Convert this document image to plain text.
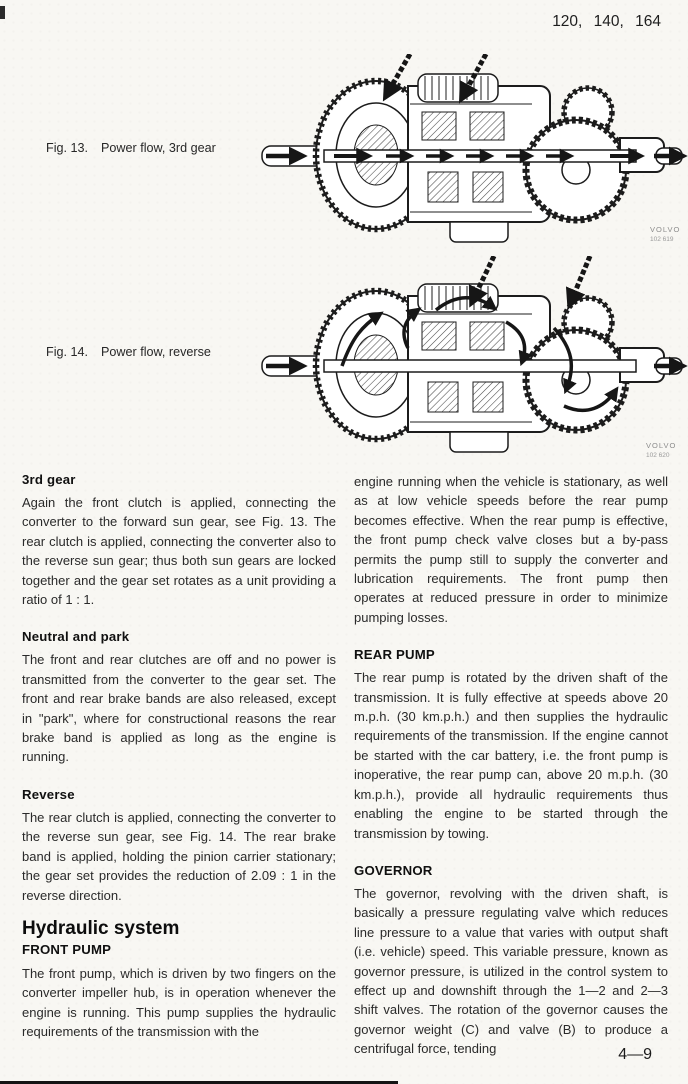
120, 140, 164
Fig. 13. Power flow, 3rd gear
VOLVO
102 619
Fig. 14. Power flow, reverse
VOLVO
102 620
3rd gear

Again the front clutch is applied, connecting the converter to the forward sun gear, see Fig. 13. The rear clutch is applied, connecting the converter also to the reverse sun gear; thus both sun gears are locked together and the gear set rotates as a unit providing a ratio of 1 : 1.

Neutral and park

The front and rear clutches are off and no power is transmitted from the converter to the gear set. The front and rear brake bands are also released, except in "park", where for constructional reasons the rear brake band is applied as long as the engine is running.

Reverse

The rear clutch is applied, connecting the converter to the reverse sun gear, see Fig. 14. The rear brake band is applied, holding the pinion carrier stationary; the gear set provides the reduction of 2.09 : 1 in the reverse direction.

Hydraulic system
FRONT PUMP

The front pump, which is driven by two fingers on the converter impeller hub, is in operation whenever the engine is running. This pump supplies the hydraulic requirements of the transmission with the

engine running when the vehicle is stationary, as well as at low vehicle speeds before the rear pump becomes effective. When the rear pump is effective, the front pump check valve closes but a by-pass permits the pump still to supply the converter and lubrication requirements. The front pump then operates at reduced pressure in order to minimize pumping losses.

REAR PUMP

The rear pump is rotated by the driven shaft of the transmission. It is fully effective at speeds above 20 m.p.h. (30 km.p.h.) and then supplies the hydraulic requirements of the transmission. If the engine cannot be started with the car battery, i.e. the front pump is inoperative, the rear pump can, above 20 m.p.h. (30 km.p.h.), provide all hydraulic requirements thus enabling the engine to be started through the transmission by towing.

GOVERNOR

The governor, revolving with the driven shaft, is basically a pressure regulating valve which reduces line pressure to a value that varies with output shaft (i.e. vehicle) speed. This variable pressure, known as governor pressure, is utilized in the control system to effect up and downshift through the 1—2 and 2—3 shift valves. The rotation of the governor causes the governor weight (C) and valve (B) to produce a centrifugal force, tending	4—9
